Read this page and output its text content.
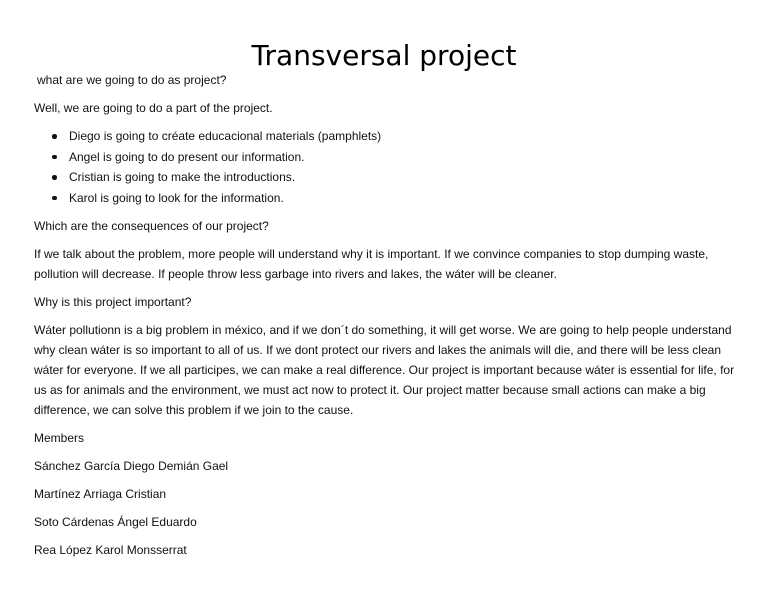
Transversal project

what are we going to do as project?

Well, we are going to do a part of the project.

Diego is going to créate educacional materials (pamphlets)
Angel is going to do present our information.
Cristian is going to make the introductions.
Karol is going to look for the information.

Which are the consequences of our project?

If we talk about the problem, more people will understand why it is important. If we convince companies to stop dumping waste, pollution will decrease. If people throw less garbage into rivers and lakes, the wáter will be cleaner.

Why is this project important?

Wáter pollutionn is a big problem in méxico, and if we don´t do something, it will get worse. We are going to help people understand why clean wáter is so important to all of us. If we dont protect our rivers and lakes the animals will die, and there will be less clean wáter for everyone. If we all participes, we can make a real difference. Our project is important because wáter is essential for life, for us as for animals and the environment, we must act now to protect it. Our project matter because small actions can make a big difference, we can solve this problem if we join to the cause.

Members

Sánchez García Diego Demián Gael

Martínez Arriaga Cristian

Soto Cárdenas Ángel Eduardo

Rea López Karol Monsserrat
